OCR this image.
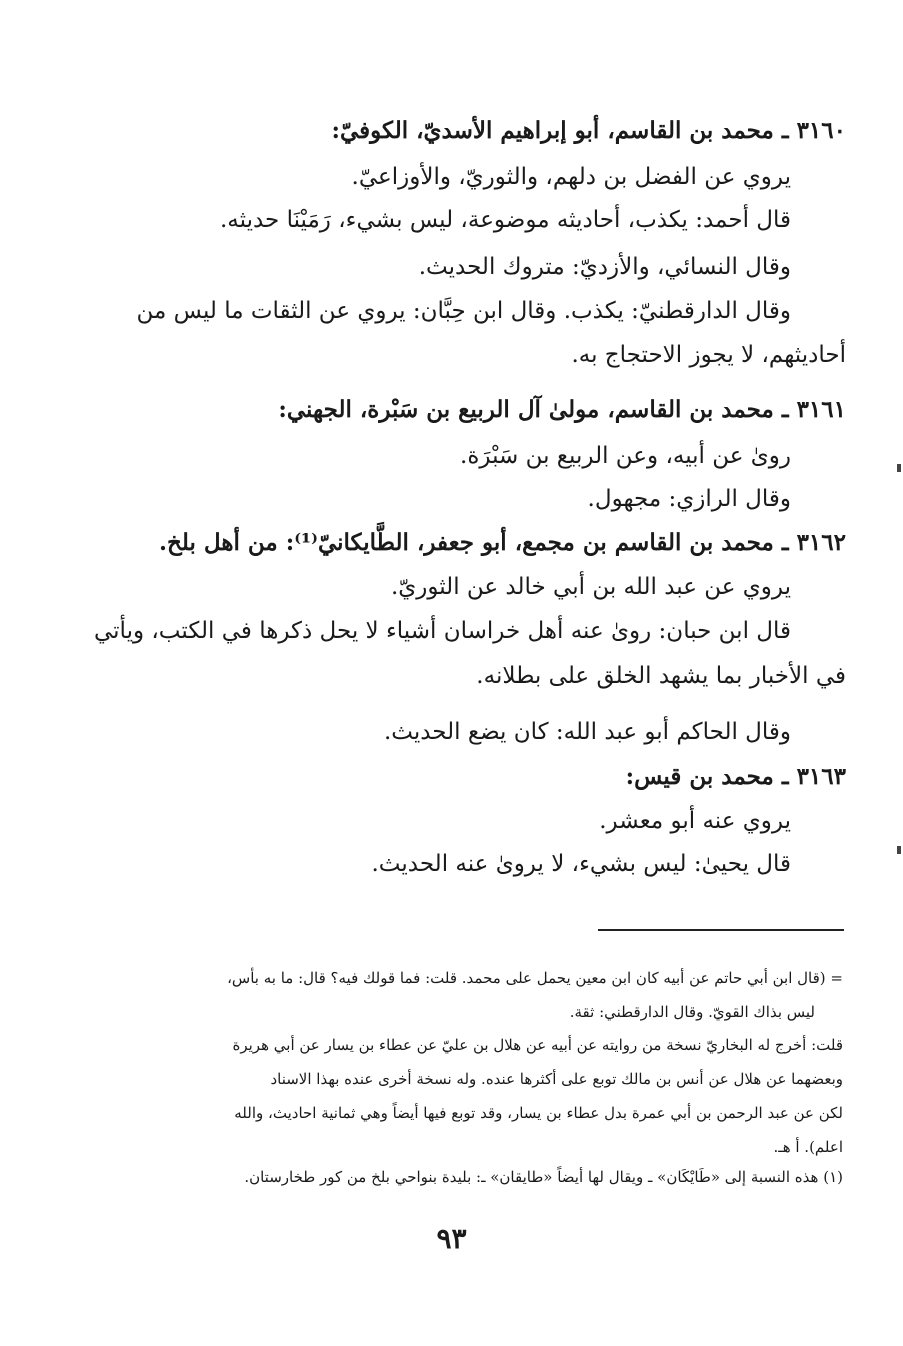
٣١٦٠ ـ محمد بن القاسم، أبو إبراهيم الأسديّ، الكوفيّ:
يروي عن الفضل بن دلهم، والثوريّ، والأوزاعيّ.
قال أحمد: يكذب، أحاديثه موضوعة، ليس بشيء، رَمَيْنَا حديثه.
وقال النسائي، والأزديّ: متروك الحديث.
وقال الدارقطنيّ: يكذب. وقال ابن حِبَّان: يروي عن الثقات ما ليس من
أحاديثهم، لا يجوز الاحتجاج به.
٣١٦١ ـ محمد بن القاسم، مولىٰ آل الربيع بن سَبْرة، الجهني:
روىٰ عن أبيه، وعن الربيع بن سَبْرَة.
وقال الرازي: مجهول.
٣١٦٢ ـ محمد بن القاسم بن مجمع، أبو جعفر، الطَّايكانيّ⁽¹⁾: من أهل بلخ.
يروي عن عبد الله بن أبي خالد عن الثوريّ.
قال ابن حبان: روىٰ عنه أهل خراسان أشياء لا يحل ذكرها في الكتب، ويأتي
في الأخبار بما يشهد الخلق على بطلانه.
وقال الحاكم أبو عبد الله: كان يضع الحديث.
٣١٦٣ ـ محمد بن قيس:
يروي عنه أبو معشر.
قال يحيىٰ: ليس بشيء، لا يروىٰ عنه الحديث.
= (قال ابن أبي حاتم عن أبيه كان ابن معين يحمل على محمد. قلت: فما قولك فيه؟ قال: ما به بأس،
ليس بذاك القويّ. وقال الدارقطني: ثقة.
قلت: أخرج له البخاريّ نسخة من روايته عن أبيه عن هلال بن عليّ عن عطاء بن يسار عن أبي هريرة
وبعضهما عن هلال عن أنس بن مالك توبع على أكثرها عنده. وله نسخة أخرى عنده بهذا الاسناد
لكن عن عبد الرحمن بن أبي عمرة بدل عطاء بن يسار، وقد توبع فيها أيضاً وهي ثمانية احاديث، والله
اعلم). أ هـ.
(١) هذه النسبة إلى «طَايْكَان» ـ ويقال لها أيضاً «طايقان» ـ: بليدة بنواحي بلخ من كور طخارستان.
٩٣
